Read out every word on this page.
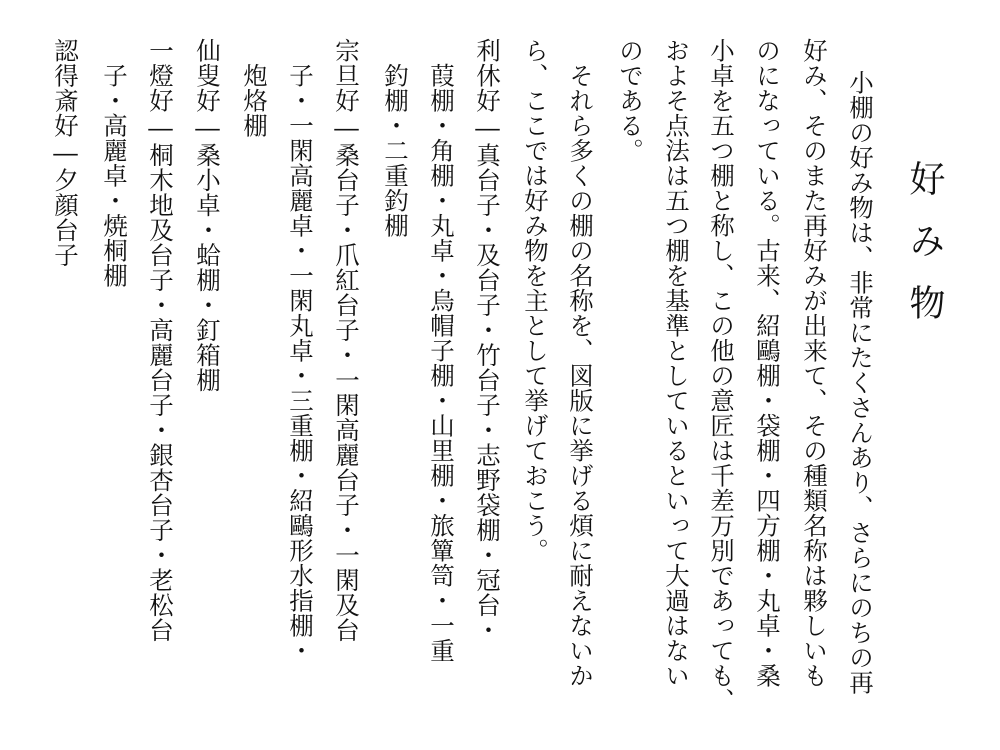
好み物
小棚の好み物は、非常にたくさんあり、さらにのちの再
好み、そのまた再好みが出来て、その種類名称は夥しいも
のになっている。古来、紹鷗棚・袋棚・四方棚・丸卓・桑
小卓を五つ棚と称し、この他の意匠は千差万別であっても、
およそ点法は五つ棚を基準としているといって大過はない
のである。
　それら多くの棚の名称を、図版に挙げる煩に耐えないか
ら、ここでは好み物を主として挙げておこう。
利休好―真台子・及台子・竹台子・志野袋棚・冠台・
　葭棚・角棚・丸卓・烏帽子棚・山里棚・旅簞笥・一重
　釣棚・二重釣棚
宗旦好―桑台子・爪紅台子・一閑高麗台子・一閑及台
　子・一閑高麗卓・一閑丸卓・三重棚・紹鷗形水指棚・
　炮烙棚
仙叟好―桑小卓・蛤棚・釘箱棚
一燈好―桐木地及台子・高麗台子・銀杏台子・老松台
　子・高麗卓・焼桐棚
認得斎好―夕顔台子
